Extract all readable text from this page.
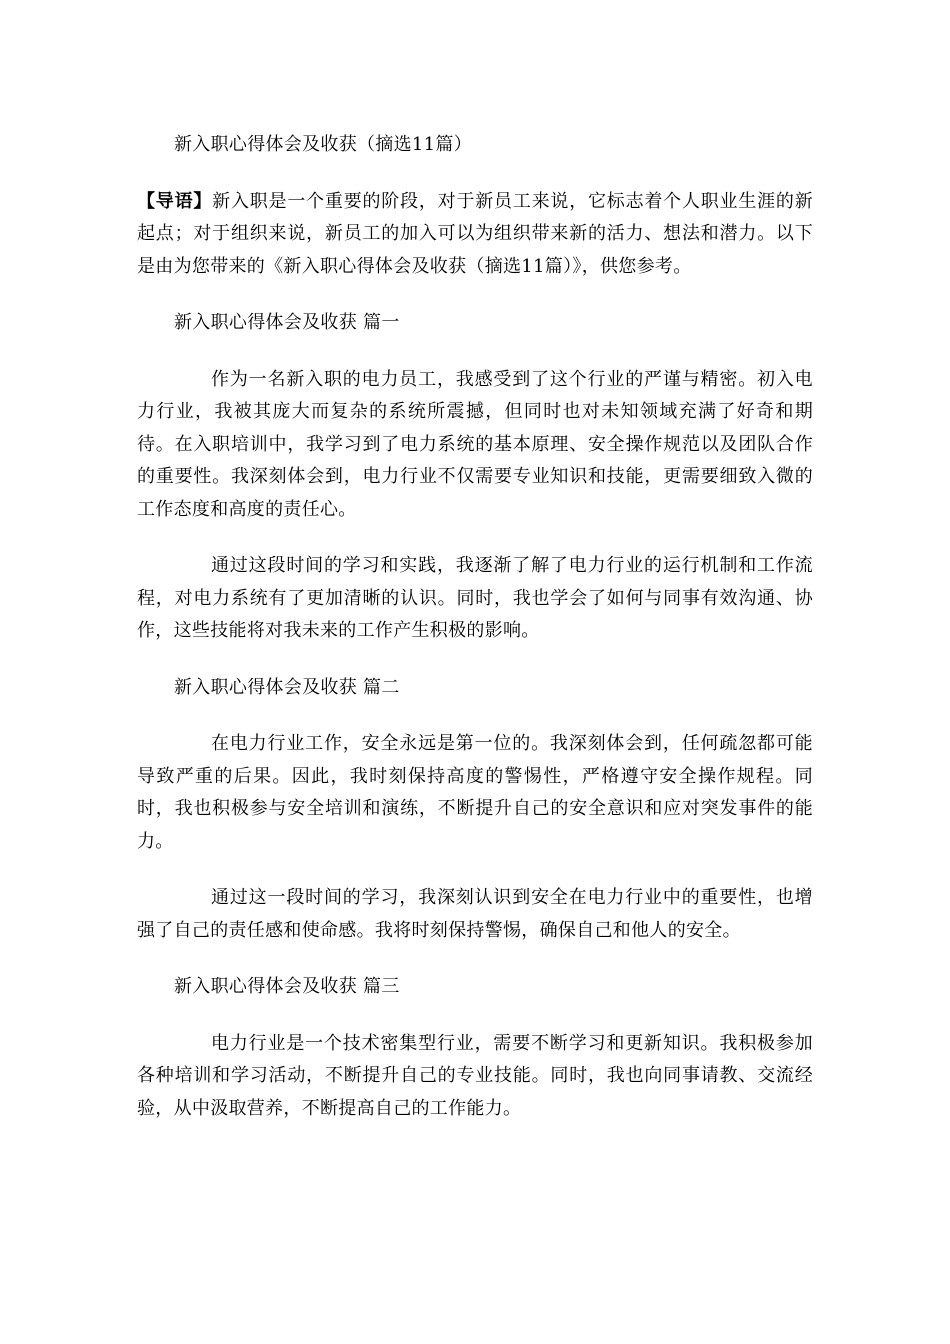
新入职心得体会及收获（摘选11篇）

【导语】新入职是一个重要的阶段，对于新员工来说，它标志着个人职业生涯的新起点；对于组织来说，新员工的加入可以为组织带来新的活力、想法和潜力。以下是由为您带来的《新入职心得体会及收获（摘选11篇）》，供您参考。

新入职心得体会及收获 篇一

作为一名新入职的电力员工，我感受到了这个行业的严谨与精密。初入电力行业，我被其庞大而复杂的系统所震撼，但同时也对未知领域充满了好奇和期待。在入职培训中，我学习到了电力系统的基本原理、安全操作规范以及团队合作的重要性。我深刻体会到，电力行业不仅需要专业知识和技能，更需要细致入微的工作态度和高度的责任心。

通过这段时间的学习和实践，我逐渐了解了电力行业的运行机制和工作流程，对电力系统有了更加清晰的认识。同时，我也学会了如何与同事有效沟通、协作，这些技能将对我未来的工作产生积极的影响。

新入职心得体会及收获 篇二

在电力行业工作，安全永远是第一位的。我深刻体会到，任何疏忽都可能导致严重的后果。因此，我时刻保持高度的警惕性，严格遵守安全操作规程。同时，我也积极参与安全培训和演练，不断提升自己的安全意识和应对突发事件的能力。

通过这一段时间的学习，我深刻认识到安全在电力行业中的重要性，也增强了自己的责任感和使命感。我将时刻保持警惕，确保自己和他人的安全。

新入职心得体会及收获 篇三

电力行业是一个技术密集型行业，需要不断学习和更新知识。我积极参加各种培训和学习活动，不断提升自己的专业技能。同时，我也向同事请教、交流经验，从中汲取营养，不断提高自己的工作能力。
